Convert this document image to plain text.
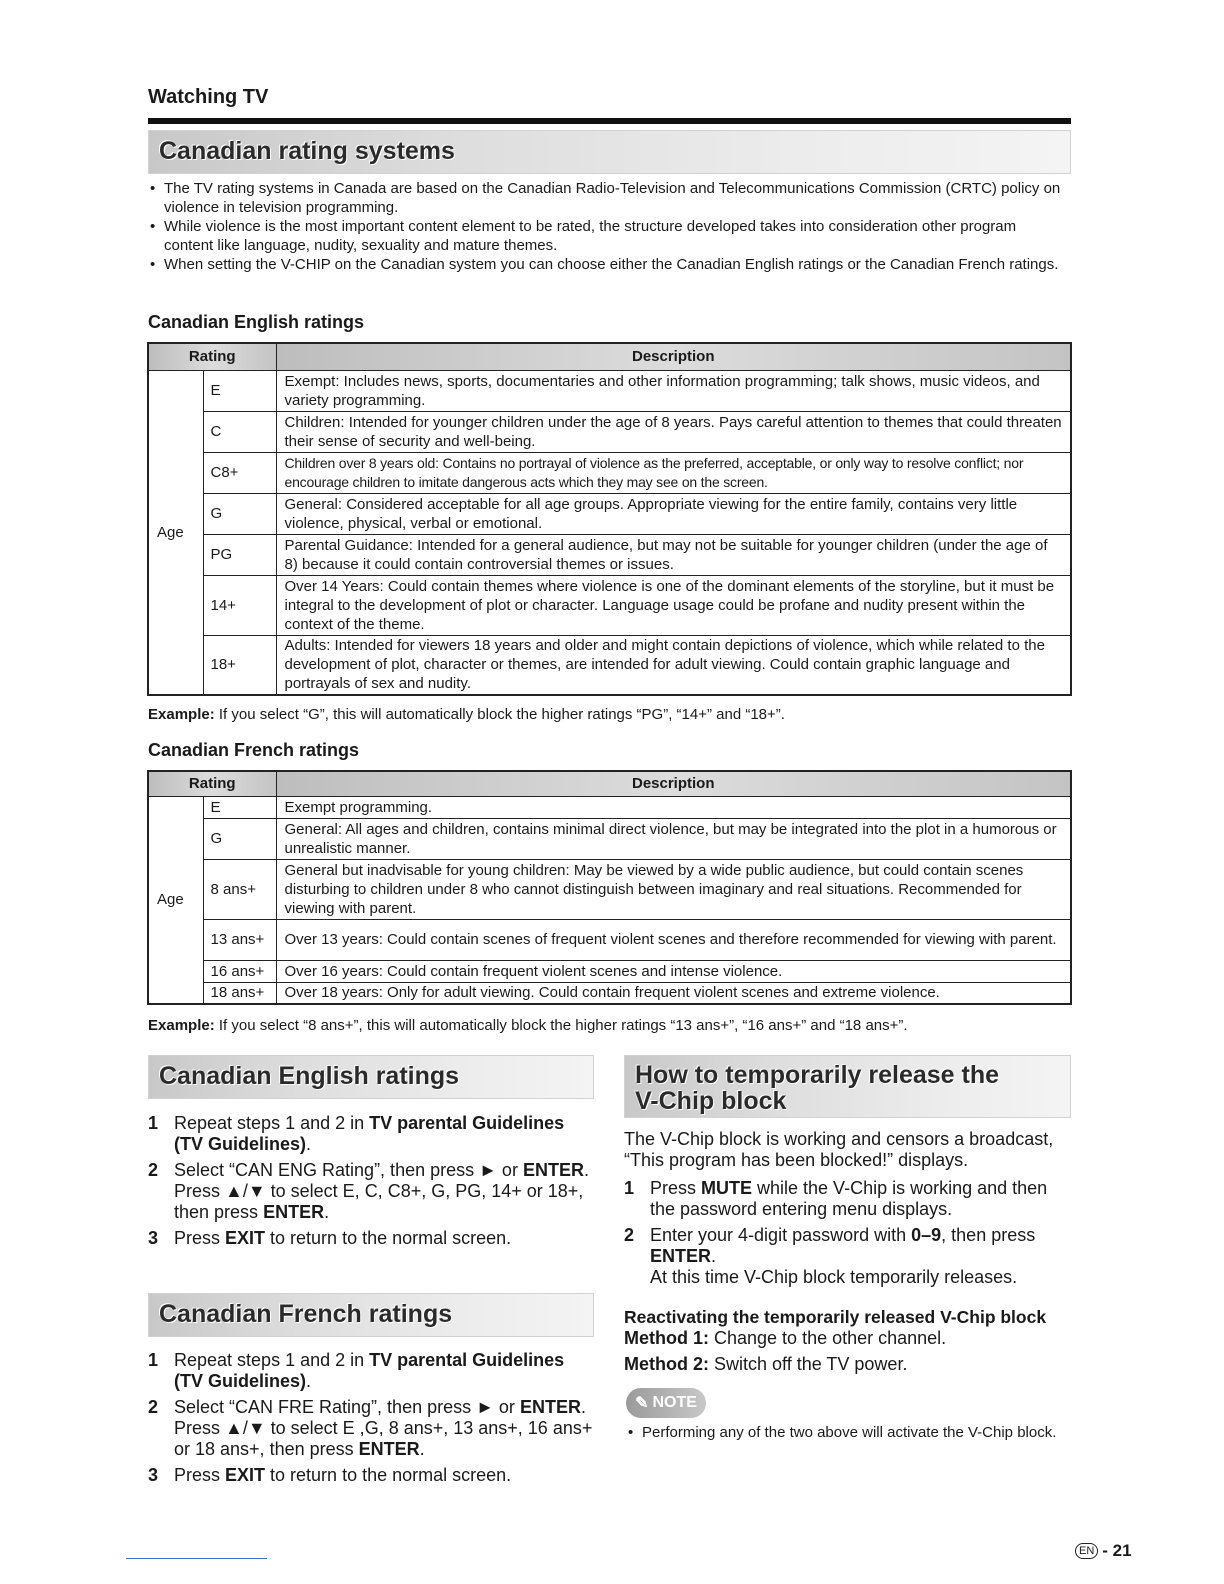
Watching TV
Canadian rating systems
• The TV rating systems in Canada are based on the Canadian Radio-Television and Telecommunications Commission (CRTC) policy on violence in television programming.
• While violence is the most important content element to be rated, the structure developed takes into consideration other program content like language, nudity, sexuality and mature themes.
• When setting the V-CHIP on the Canadian system you can choose either the Canadian English ratings or the Canadian French ratings.
Canadian English ratings
Rating		Description
Age	E	Exempt: Includes news, sports, documentaries and other information programming; talk shows, music videos, and variety programming.
	C	Children: Intended for younger children under the age of 8 years. Pays careful attention to themes that could threaten their sense of security and well-being.
	C8+	Children over 8 years old: Contains no portrayal of violence as the preferred, acceptable, or only way to resolve conflict; nor encourage children to imitate dangerous acts which they may see on the screen.
	G	General: Considered acceptable for all age groups. Appropriate viewing for the entire family, contains very little violence, physical, verbal or emotional.
	PG	Parental Guidance: Intended for a general audience, but may not be suitable for younger children (under the age of 8) because it could contain controversial themes or issues.
	14+	Over 14 Years: Could contain themes where violence is one of the dominant elements of the storyline, but it must be integral to the development of plot or character. Language usage could be profane and nudity present within the context of the theme.
	18+	Adults: Intended for viewers 18 years and older and might contain depictions of violence, which while related to the development of plot, character or themes, are intended for adult viewing. Could contain graphic language and portrayals of sex and nudity.
Example: If you select “G”, this will automatically block the higher ratings “PG”, “14+” and “18+”.
Canadian French ratings
Rating		Description
Age	E	Exempt programming.
	G	General: All ages and children, contains minimal direct violence, but may be integrated into the plot in a humorous or unrealistic manner.
	8 ans+	General but inadvisable for young children: May be viewed by a wide public audience, but could contain scenes disturbing to children under 8 who cannot distinguish between imaginary and real situations. Recommended for viewing with parent.
	13 ans+	Over 13 years: Could contain scenes of frequent violent scenes and therefore recommended for viewing with parent.
	16 ans+	Over 16 years: Could contain frequent violent scenes and intense violence.
	18 ans+	Over 18 years: Only for adult viewing. Could contain frequent violent scenes and extreme violence.
Example: If you select “8 ans+”, this will automatically block the higher ratings “13 ans+”, “16 ans+” and “18 ans+”.
Canadian English ratings
1 Repeat steps 1 and 2 in TV parental Guidelines (TV Guidelines).
2 Select “CAN ENG Rating”, then press ► or ENTER.
Press ▲/▼ to select E, C, C8+, G, PG, 14+ or 18+, then press ENTER.
3 Press EXIT to return to the normal screen.
Canadian French ratings
1 Repeat steps 1 and 2 in TV parental Guidelines (TV Guidelines).
2 Select “CAN FRE Rating”, then press ► or ENTER.
Press ▲/▼ to select E ,G, 8 ans+, 13 ans+, 16 ans+ or 18 ans+, then press ENTER.
3 Press EXIT to return to the normal screen.
How to temporarily release the V-Chip block
The V-Chip block is working and censors a broadcast, “This program has been blocked!” displays.
1 Press MUTE while the V-Chip is working and then the password entering menu displays.
2 Enter your 4-digit password with 0–9, then press ENTER.
At this time V-Chip block temporarily releases.
Reactivating the temporarily released V-Chip block
Method 1: Change to the other channel.
Method 2: Switch off the TV power.
✎ NOTE
• Performing any of the two above will activate the V-Chip block.
EN - 21
